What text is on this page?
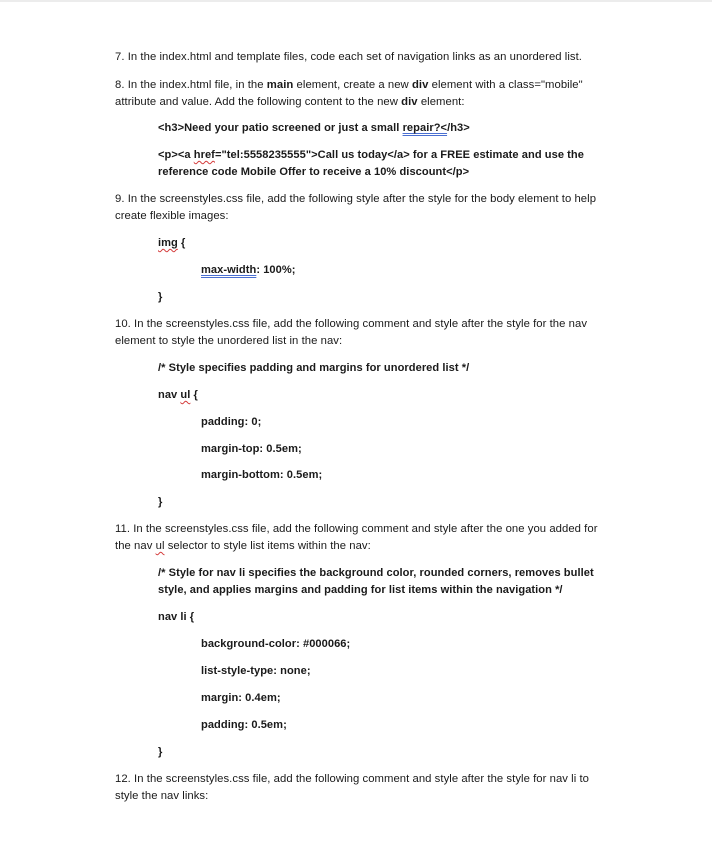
7. In the index.html and template files, code each set of navigation links as an unordered list.
8. In the index.html file, in the main element, create a new div element with a class="mobile"
attribute and value. Add the following content to the new div element:
<h3>Need your patio screened or just a small repair?</h3>
<p><a href="tel:5558235555">Call us today</a> for a FREE estimate and use the
reference code Mobile Offer to receive a 10% discount</p>
9. In the screenstyles.css file, add the following style after the style for the body element to help
create flexible images:
img {
max-width: 100%;
}
10. In the screenstyles.css file, add the following comment and style after the style for the nav
element to style the unordered list in the nav:
/* Style specifies padding and margins for unordered list */
nav ul {
padding: 0;
margin-top: 0.5em;
margin-bottom: 0.5em;
}
11. In the screenstyles.css file, add the following comment and style after the one you added for
the nav ul selector to style list items within the nav:
/* Style for nav li specifies the background color, rounded corners, removes bullet
style, and applies margins and padding for list items within the navigation */
nav li {
background-color: #000066;
list-style-type: none;
margin: 0.4em;
padding: 0.5em;
}
12. In the screenstyles.css file, add the following comment and style after the style for nav li to
style the nav links:
